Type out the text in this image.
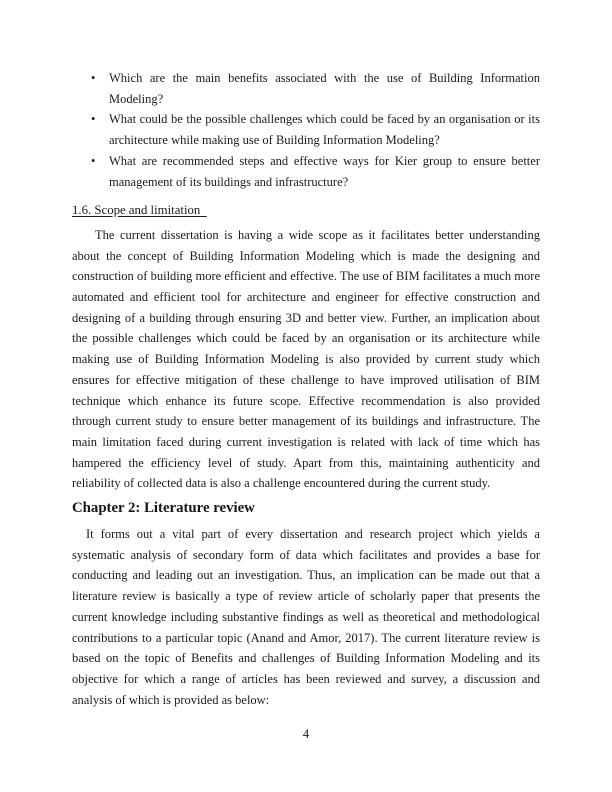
• Which are the main benefits associated with the use of Building Information Modeling?
• What could be the possible challenges which could be faced by an organisation or its architecture while making use of Building Information Modeling?
• What are recommended steps and effective ways for Kier group to ensure better management of its buildings and infrastructure?
1.6. Scope and limitation

The current dissertation is having a wide scope as it facilitates better understanding about the concept of Building Information Modeling which is made the designing and construction of building more efficient and effective. The use of BIM facilitates a much more automated and efficient tool for architecture and engineer for effective construction and designing of a building through ensuring 3D and better view. Further, an implication about the possible challenges which could be faced by an organisation or its architecture while making use of Building Information Modeling is also provided by current study which ensures for effective mitigation of these challenge to have improved utilisation of BIM technique which enhance its future scope. Effective recommendation is also provided through current study to ensure better management of its buildings and infrastructure. The main limitation faced during current investigation is related with lack of time which has hampered the efficiency level of study. Apart from this, maintaining authenticity and reliability of collected data is also a challenge encountered during the current study.

Chapter 2: Literature review

It forms out a vital part of every dissertation and research project which yields a systematic analysis of secondary form of data which facilitates and provides a base for conducting and leading out an investigation. Thus, an implication can be made out that a literature review is basically a type of review article of scholarly paper that presents the current knowledge including substantive findings as well as theoretical and methodological contributions to a particular topic (Anand and Amor, 2017). The current literature review is based on the topic of Benefits and challenges of Building Information Modeling and its objective for which a range of articles has been reviewed and survey, a discussion and analysis of which is provided as below:

4
